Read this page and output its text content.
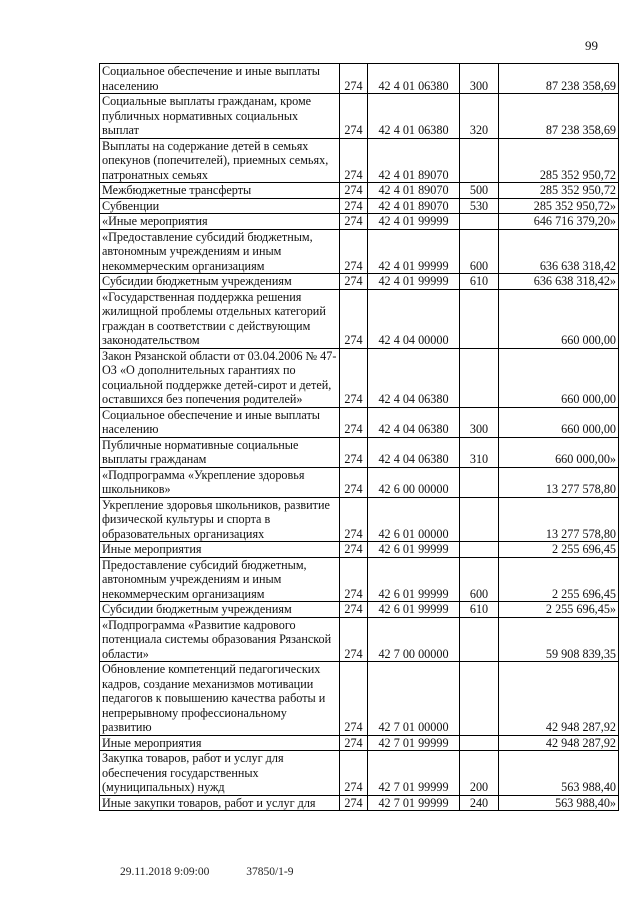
99
Социальное обеспечение и иные выплаты населению	274	42 4 01 06380	300	87 238 358,69
Социальные выплаты гражданам, кроме публичных нормативных социальных выплат	274	42 4 01 06380	320	87 238 358,69
Выплаты на содержание детей в семьях опекунов (попечителей), приемных семьях, патронатных семьях	274	42 4 01 89070		285 352 950,72
Межбюджетные трансферты	274	42 4 01 89070	500	285 352 950,72
Субвенции	274	42 4 01 89070	530	285 352 950,72»
«Иные мероприятия	274	42 4 01 99999		646 716 379,20»
«Предоставление субсидий бюджетным, автономным учреждениям и иным некоммерческим организациям	274	42 4 01 99999	600	636 638 318,42
Субсидии бюджетным учреждениям	274	42 4 01 99999	610	636 638 318,42»
«Государственная поддержка решения жилищной проблемы отдельных категорий граждан в соответствии с действующим законодательством	274	42 4 04 00000		660 000,00
Закон Рязанской области от 03.04.2006 № 47-ОЗ «О дополнительных гарантиях по социальной поддержке детей-сирот и детей, оставшихся без попечения родителей»	274	42 4 04 06380		660 000,00
Социальное обеспечение и иные выплаты населению	274	42 4 04 06380	300	660 000,00
Публичные нормативные социальные выплаты гражданам	274	42 4 04 06380	310	660 000,00»
«Подпрограмма «Укрепление здоровья школьников»	274	42 6 00 00000		13 277 578,80
Укрепление здоровья школьников, развитие физической культуры и спорта в образовательных организациях	274	42 6 01 00000		13 277 578,80
Иные мероприятия	274	42 6 01 99999		2 255 696,45
Предоставление субсидий бюджетным, автономным учреждениям и иным некоммерческим организациям	274	42 6 01 99999	600	2 255 696,45
Субсидии бюджетным учреждениям	274	42 6 01 99999	610	2 255 696,45»
«Подпрограмма «Развитие кадрового потенциала системы образования Рязанской области»	274	42 7 00 00000		59 908 839,35
Обновление компетенций педагогических кадров, создание механизмов мотивации педагогов к повышению качества работы и непрерывному профессиональному развитию	274	42 7 01 00000		42 948 287,92
Иные мероприятия	274	42 7 01 99999		42 948 287,92
Закупка товаров, работ и услуг для обеспечения государственных (муниципальных) нужд	274	42 7 01 99999	200	563 988,40
Иные закупки товаров, работ и услуг для	274	42 7 01 99999	240	563 988,40»
29.11.2018 9:09:00	37850/1-9
